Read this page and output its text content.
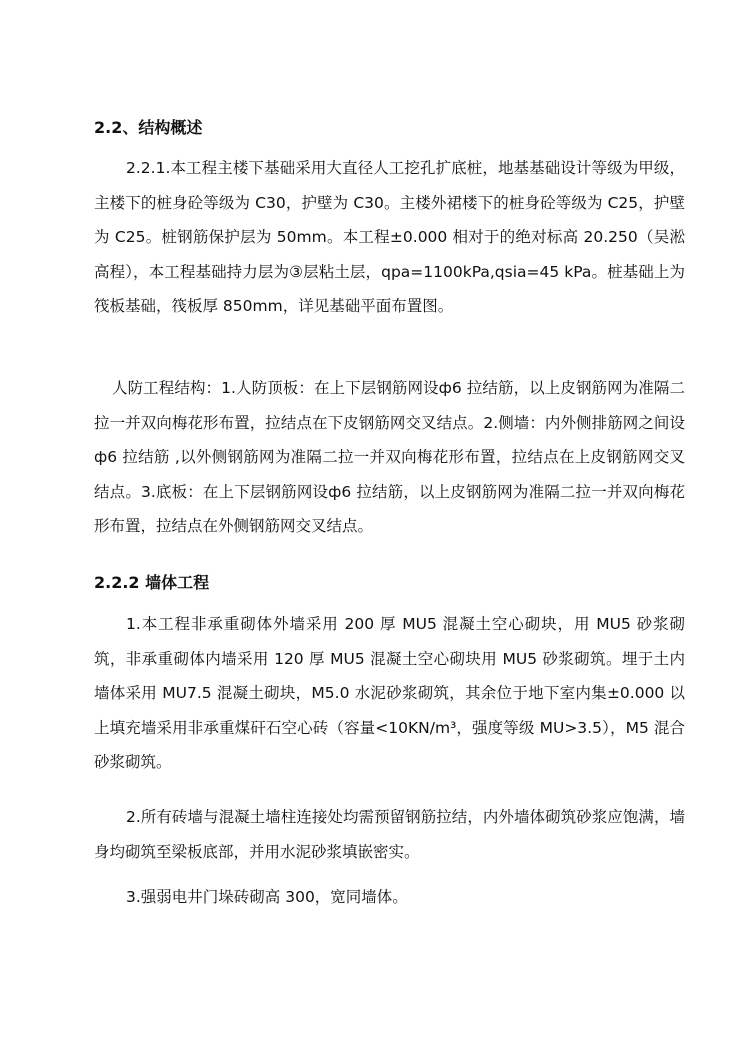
2.2、结构概述

2.2.1.本工程主楼下基础采用大直径人工挖孔扩底桩，地基基础设计等级为甲级，主楼下的桩身砼等级为 C30，护壁为 C30。主楼外裙楼下的桩身砼等级为 C25，护壁为 C25。桩钢筋保护层为 50mm。本工程±0.000 相对于的绝对标高 20.250（吴淞高程），本工程基础持力层为③层粘土层，qpa=1100kPa,qsia=45 kPa。桩基础上为筏板基础，筏板厚 850mm，详见基础平面布置图。

人防工程结构：1.人防顶板：在上下层钢筋网设ф6 拉结筋，以上皮钢筋网为准隔二拉一并双向梅花形布置，拉结点在下皮钢筋网交叉结点。2.侧墙：内外侧排筋网之间设ф6 拉结筋 ,以外侧钢筋网为准隔二拉一并双向梅花形布置，拉结点在上皮钢筋网交叉结点。3.底板：在上下层钢筋网设ф6 拉结筋，以上皮钢筋网为准隔二拉一并双向梅花形布置，拉结点在外侧钢筋网交叉结点。

2.2.2 墙体工程

1.本工程非承重砌体外墙采用 200 厚 MU5 混凝土空心砌块，用 MU5 砂浆砌筑，非承重砌体内墙采用 120 厚 MU5 混凝土空心砌块用 MU5 砂浆砌筑。埋于土内墙体采用 MU7.5 混凝土砌块，M5.0 水泥砂浆砌筑，其余位于地下室内集±0.000 以上填充墙采用非承重煤矸石空心砖（容量<10KN/m³，强度等级 MU>3.5），M5 混合砂浆砌筑。

2.所有砖墙与混凝土墙柱连接处均需预留钢筋拉结，内外墙体砌筑砂浆应饱满，墙身均砌筑至梁板底部，并用水泥砂浆填嵌密实。

3.强弱电井门垛砖砌高 300，宽同墙体。
